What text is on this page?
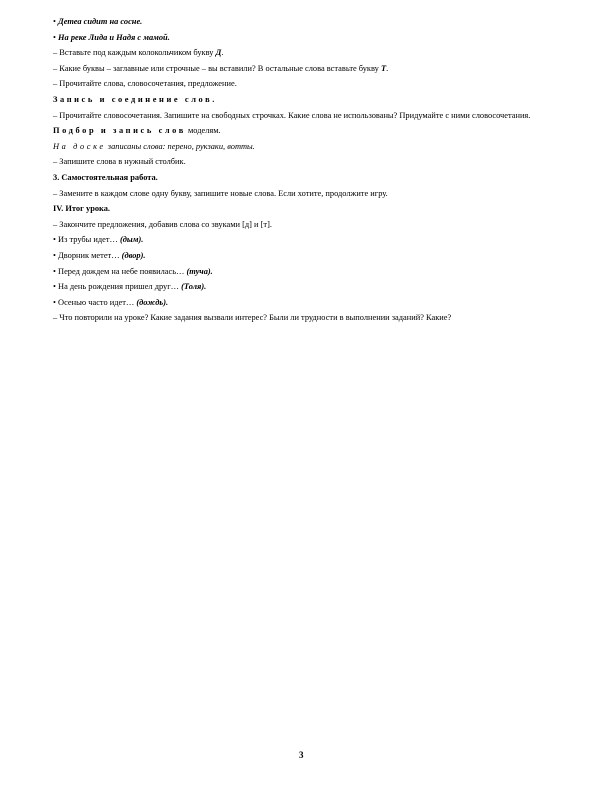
• Детеа сидит на сосне.

• На реке Лида и Надя с мамой.

– Вставьте под каждым колокольчиком букву Д.

– Какие буквы – заглавные или строчные – вы вставили? В остальные слова вставьте букву Т.

– Прочитайте слова, словосочетания, предложение.

Запись и соединение слов.

– Прочитайте словосочетания. Запишите на свободных строчках. Какие слова не использованы? Придумайте с ними словосочетания.

Подбор и запись слов моделям.

На доске записаны слова: перено, рукзаки, вотты.

– Запишите слова в нужный столбик.

3. Самостоятельная работа.

– Замените в каждом слове одну букву, запишите новые слова. Если хотите, продолжите игру.

IV. Итог урока.

– Закончите предложения, добавив слова со звуками [д] и [т].

• Из трубы идет… (дым).

• Дворник метет… (двор).

• Перед дождем на небе появилась… (туча).

• На день рождения пришел друг… (Толя).

• Осенью часто идет… (дождь).

– Что повторили на уроке? Какие задания вызвали интерес? Были ли трудности в выполнении заданий? Какие?

3
